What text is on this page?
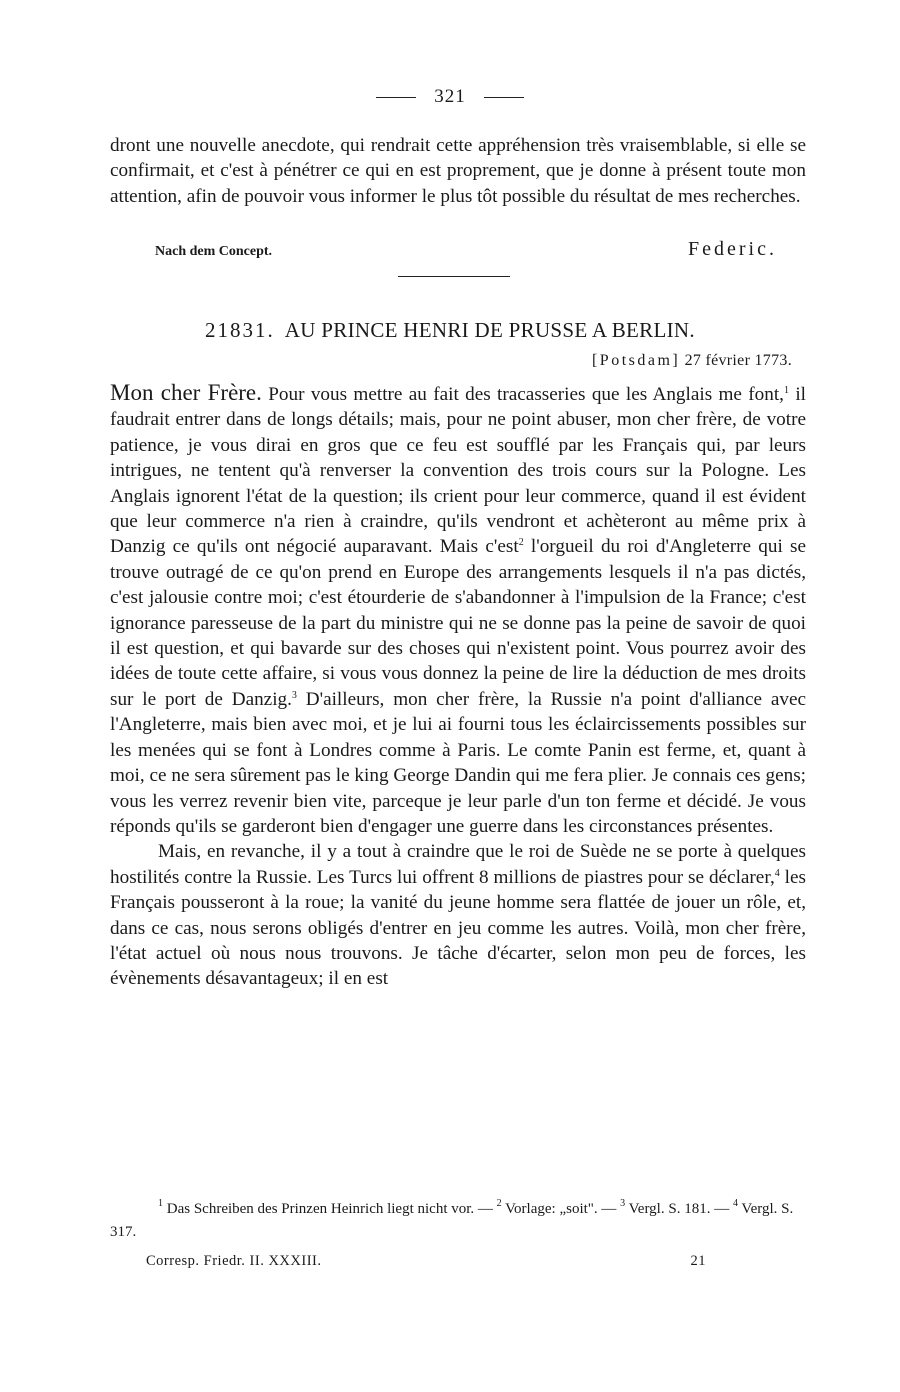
321

dront une nouvelle anecdote, qui rendrait cette appréhension très vraisemblable, si elle se confirmait, et c'est à pénétrer ce qui en est proprement, que je donne à présent toute mon attention, afin de pouvoir vous informer le plus tôt possible du résultat de mes recherches.

Nach dem Concept.	Federic.
21831. AU PRINCE HENRI DE PRUSSE A BERLIN.
[Potsdam] 27 février 1773.

Mon cher Frère. Pour vous mettre au fait des tracasseries que les Anglais me font,$^1$ il faudrait entrer dans de longs détails; mais, pour ne point abuser, mon cher frère, de votre patience, je vous dirai en gros que ce feu est soufflé par les Français qui, par leurs intrigues, ne tentent qu'à renverser la convention des trois cours sur la Pologne. Les Anglais ignorent l'état de la question; ils crient pour leur commerce, quand il est évident que leur commerce n'a rien à craindre, qu'ils vendront et achèteront au même prix à Danzig ce qu'ils ont négocié auparavant. Mais c'est$^2$ l'orgueil du roi d'Angleterre qui se trouve outragé de ce qu'on prend en Europe des arrangements lesquels il n'a pas dictés, c'est jalousie contre moi; c'est étourderie de s'abandonner à l'impulsion de la France; c'est ignorance paresseuse de la part du ministre qui ne se donne pas la peine de savoir de quoi il est question, et qui bavarde sur des choses qui n'existent point. Vous pourrez avoir des idées de toute cette affaire, si vous vous donnez la peine de lire la déduction de mes droits sur le port de Danzig.$^3$ D'ailleurs, mon cher frère, la Russie n'a point d'alliance avec l'Angleterre, mais bien avec moi, et je lui ai fourni tous les éclaircissements possibles sur les menées qui se font à Londres comme à Paris. Le comte Panin est ferme, et, quant à moi, ce ne sera sûrement pas le king George Dandin qui me fera plier. Je connais ces gens; vous les verrez revenir bien vite, parceque je leur parle d'un ton ferme et décidé. Je vous réponds qu'ils se garderont bien d'engager une guerre dans les circonstances présentes.

Mais, en revanche, il y a tout à craindre que le roi de Suède ne se porte à quelques hostilités contre la Russie. Les Turcs lui offrent 8 millions de piastres pour se déclarer,$^4$ les Français pousseront à la roue; la vanité du jeune homme sera flattée de jouer un rôle, et, dans ce cas, nous serons obligés d'entrer en jeu comme les autres. Voilà, mon cher frère, l'état actuel où nous nous trouvons. Je tâche d'écarter, selon mon peu de forces, les évènements désavantageux; il en est

$^1$ Das Schreiben des Prinzen Heinrich liegt nicht vor. — $^2$ Vorlage: „soit". — $^3$ Vergl. S. 181. — $^4$ Vergl. S. 317.

Corresp. Friedr. II. XXXIII.	21
